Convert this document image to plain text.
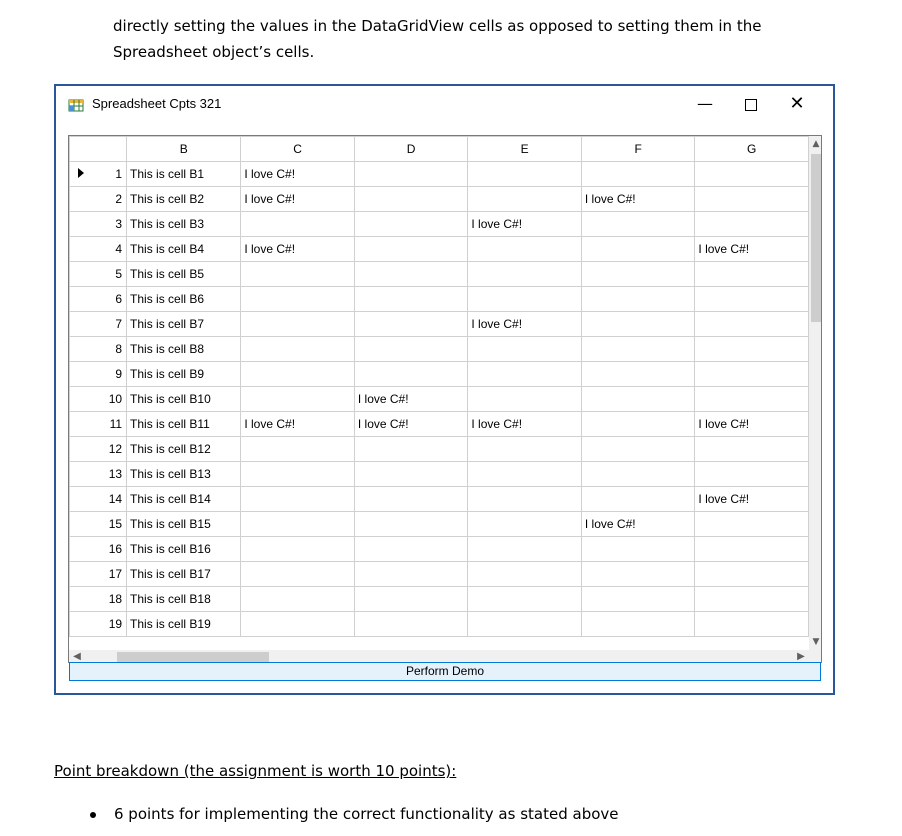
directly setting the values in the DataGridView cells as opposed to setting them in the
Spreadsheet object’s cells.
Spreadsheet Cpts 321	—	✕
	B	C	D	E	F	G

1	This is cell B1	I love C#!				
2	This is cell B2	I love C#!			I love C#!	
3	This is cell B3			I love C#!		
4	This is cell B4	I love C#!				I love C#!
5	This is cell B5					
6	This is cell B6					
7	This is cell B7			I love C#!		
8	This is cell B8					
9	This is cell B9					
10	This is cell B10		I love C#!			
11	This is cell B11	I love C#!	I love C#!	I love C#!		I love C#!
12	This is cell B12					
13	This is cell B13					
14	This is cell B14					I love C#!
15	This is cell B15				I love C#!	
16	This is cell B16					
17	This is cell B17					
18	This is cell B18					
19	This is cell B19					
▲
▼
◀	▶
Perform Demo
Point breakdown (the assignment is worth 10 points):
6 points for implementing the correct functionality as stated above
